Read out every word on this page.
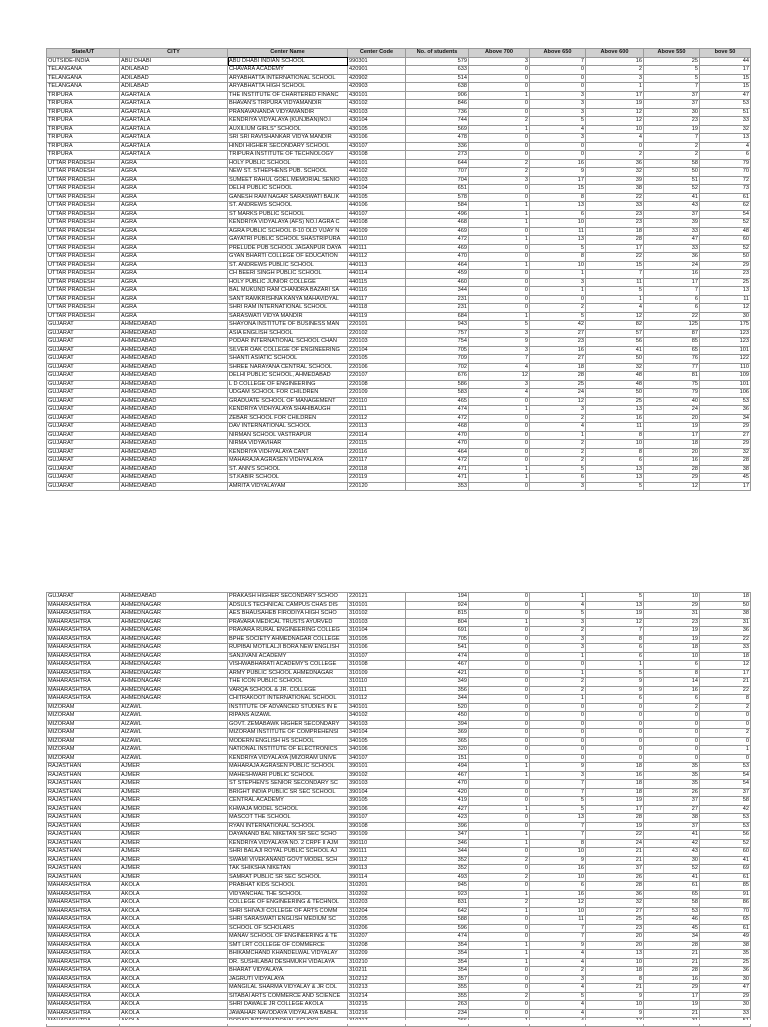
State/UT	CITY	Center Name	Center Code	No. of students	Above 700	Above 650	Above 600	Above 550	bove 50
OUTSIDE-INDIA	ABU DHABI	ABU DHABI INDIAN SCHOOL	990301	579	3	7	16	25	44
TELANGANA	ADILABAD	CHAVARA ACADEMY	420901	633	0	0	2	5	17
TELANGANA	ADILABAD	ARYABHATTA INTERNATIONAL SCHOOL	420902	514	0	0	3	5	15
TELANGANA	ADILABAD	ARYABHATTA HIGH SCHOOL	420903	638	0	0	1	7	15
TRIPURA	AGARTALA	THE INSTITUTE OF CHARTERED FINANC	430101	906	1	3	17	37	47
TRIPURA	AGARTALA	BHAVAN'S TRIPURA VIDYAMANDIR	430102	846	0	3	19	37	53
TRIPURA	AGARTALA	PRANAVANANDA VIDYAMANDIR	430103	736	0	3	12	30	51
TRIPURA	AGARTALA	KENDRIYA VIDYALAYA (KUNJBAN)NO.I	430104	744	2	5	12	23	33
TRIPURA	AGARTALA	AUXILIUM GIRLS" SCHOOL	430105	569	1	4	10	19	32
TRIPURA	AGARTALA	SRI SRI RAVISHANKAR VIDYA MANDIR	430106	478	0	3	4	7	13
TRIPURA	AGARTALA	HINDI HIGHER SECONDARY SCHOOL	430107	336	0	0	0	2	4
TRIPURA	AGARTALA	TRIPURA INSTITUTE OF TECHNOLOGY	430108	273	0	0	2	2	6
UTTAR PRADESH	AGRA	HOLY PUBLIC SCHOOL	440101	644	2	16	36	58	79
UTTAR PRADESH	AGRA	NEW ST. STHEPHENS PUB. SCHOOL	440102	707	2	9	32	50	70
UTTAR PRADESH	AGRA	SUMEET RAHUL GOEL MEMORIAL SENIO	440103	704	3	17	39	51	72
UTTAR PRADESH	AGRA	DELHI PUBLIC SCHOOL	440104	651	0	15	38	52	73
UTTAR PRADESH	AGRA	GANESH RAM NAGAR SARASWATI BALIK	440105	578	0	8	22	41	61
UTTAR PRADESH	AGRA	ST. ANDREWS SCHOOL	440106	584	1	13	33	43	62
UTTAR PRADESH	AGRA	ST MARKS PUBLIC SCHOOL	440107	496	1	6	23	37	54
UTTAR PRADESH	AGRA	KENDRIYA VIDYALAYA (AFS) NO.I AGRA C	440108	468	1	10	23	39	52
UTTAR PRADESH	AGRA	AGRA PUBLIC SCHOOL 8-10 OLD VIJAY N	440109	469	0	11	18	33	48
UTTAR PRADESH	AGRA	GAYATRI PUBLIC SCHOOL SHASTRIPURA	440110	472	1	13	28	47	60
UTTAR PRADESH	AGRA	PRELUDE PUB SCHOOL JAGANPUR DAYA	440111	469	0	5	17	33	52
UTTAR PRADESH	AGRA	GYAN BHARTI COLLEGE OF EDUCATION	440112	470	0	8	22	36	50
UTTAR PRADESH	AGRA	ST. ANDREWS PUBLIC SCHOOL	440113	464	1	10	15	24	29
UTTAR PRADESH	AGRA	CH BEERI SINGH PUBLIC SCHOOL	440114	459	0	1	7	16	23
UTTAR PRADESH	AGRA	HOLY PUBLIC JUNIOR COLLEGE	440115	460	0	3	11	17	25
UTTAR PRADESH	AGRA	BAL MUKUND RAM CHANDRA BAZARI SA	440116	344	0	1	5	7	13
UTTAR PRADESH	AGRA	SANT RAMKRISHNA KANYA MAHAVIDYAL	440117	231	0	0	1	6	11
UTTAR PRADESH	AGRA	SHRI RAM INTERNATIONAL SCHOOL	440118	231	0	2	4	6	12
UTTAR PRADESH	AGRA	SARASWATI VIDYA MANDIR	440119	684	1	5	12	22	30
GUJARAT	AHMEDABAD	SHAYONA INSTITUTE OF BUSINESS MAN	220101	943	5	42	82	125	175
GUJARAT	AHMEDABAD	ASIA ENGLISH SCHOOL	220102	757	3	27	57	87	123
GUJARAT	AHMEDABAD	PODAR INTERNATIONAL SCHOOL CHAN	220103	754	9	23	56	85	123
GUJARAT	AHMEDABAD	SILVER OAK COLLEGE OF ENGINEERING	220104	705	3	16	41	65	101
GUJARAT	AHMEDABAD	SHANTI ASIATIC SCHOOL	220105	709	7	27	50	76	122
GUJARAT	AHMEDABAD	SHREE NARAYANA CENTRAL SCHOOL	220106	702	4	18	32	77	110
GUJARAT	AHMEDABAD	DELHI PUBLIC SCHOOL, AHMEDABAD	220107	676	12	28	48	81	109
GUJARAT	AHMEDABAD	L D COLLEGE OF ENGINEERING	220108	586	3	25	48	75	101
GUJARAT	AHMEDABAD	UDGAM SCHOOL FOR CHILDREN	220109	583	4	24	50	79	106
GUJARAT	AHMEDABAD	GRADUATE SCHOOL OF MANAGEMENT	220110	465	0	12	25	40	53
GUJARAT	AHMEDABAD	KENDRIYA VIDHYALAYA SHAHIBAUGH	220111	474	1	3	13	24	36
GUJARAT	AHMEDABAD	ZEBAR SCHOOL FOR CHILDREN	220112	472	0	2	16	20	34
GUJARAT	AHMEDABAD	DAV INTERNATIONAL SCHOOL	220113	468	0	4	11	19	29
GUJARAT	AHMEDABAD	NIRMAN SCHOOL VASTRAPUR	220114	470	0	1	8	17	27
GUJARAT	AHMEDABAD	NIRMA VIDYAVIHAR	220115	470	0	2	10	18	29
GUJARAT	AHMEDABAD	KENDRIYA VIDHYALAYA CANT	220116	464	0	2	8	20	32
GUJARAT	AHMEDABAD	MAHARAJA AGRASEN VIDHYALAYA	220117	472	0	2	6	16	28
GUJARAT	AHMEDABAD	ST. ANN'S SCHOOL	220118	471	1	5	13	28	38
GUJARAT	AHMEDABAD	ST.KABIR SCHOOL	220119	471	1	6	13	29	45
GUJARAT	AHMEDABAD	AMRITA VIDYALAYAM	220120	353	0	3	5	12	17
GUJARAT	AHMEDABAD	PRAKASH HIGHER SECONDARY SCHOO	220121	194	0	1	5	10	18
MAHARASHTRA	AHMEDNAGAR	ADSULS TECHNICAL CAMPUS CHAS DIS	310101	924	0	4	13	29	50
MAHARASHTRA	AHMEDNAGAR	AES BHAUSAHEB FIRODIYA HIGH SCHO	310102	815	0	5	19	31	38
MAHARASHTRA	AHMEDNAGAR	PRAVARA MEDICAL TRUSTS AYURVED	310103	804	1	3	12	23	31
MAHARASHTRA	AHMEDNAGAR	PRAVARA RURAL ENGINEERING COLLEG	310104	691	0	2	7	19	36
MAHARASHTRA	AHMEDNAGAR	BPHE SOCIETY AHMEDNAGAR COLLEGE	310105	705	0	3	8	19	22
MAHARASHTRA	AHMEDNAGAR	RUPIBAI MOTILALJI BORA NEW ENGLISH	310106	541	0	3	6	18	33
MAHARASHTRA	AHMEDNAGAR	SANJIVANI ACADEMY	310107	474	0	1	6	10	18
MAHARASHTRA	AHMEDNAGAR	VISHWABHARATI ACADEMY'S COLLEGE	310108	467	0	0	1	6	12
MAHARASHTRA	AHMEDNAGAR	ARMY PUBLIC SCHOOL AHMEDNAGAR	310109	421	0	1	5	8	17
MAHARASHTRA	AHMEDNAGAR	THE ICON PUBLIC SCHOOL	310110	349	0	2	9	14	21
MAHARASHTRA	AHMEDNAGAR	VARQA SCHOOL & JR. COLLEGE	310111	356	0	2	9	16	22
MAHARASHTRA	AHMEDNAGAR	CHITRAKOOT INTERNATIONAL SCHOOL	310112	344	0	1	6	6	8
MIZORAM	AIZAWL	INSTITUTE OF ADVANCED STUDIES IN E	340101	520	0	0	0	2	2
MIZORAM	AIZAWL	RIPANS AIZAWL	340102	450	0	0	0	0	0
MIZORAM	AIZAWL	GOVT. ZEMABAWK HIGHER SECONDARY	340103	394	0	0	0	0	0
MIZORAM	AIZAWL	MIZORAM INSTITUTE OF COMPREHENSI	340104	369	0	0	0	0	2
MIZORAM	AIZAWL	MODERN ENGLISH HS SCHOOL	340105	365	0	0	0	0	0
MIZORAM	AIZAWL	NATIONAL INSTITUTE OF ELECTRONICS	340106	320	0	0	0	0	1
MIZORAM	AIZAWL	KENDRIYA VIDYALAYA (MIZORAM UNIVE	340107	151	0	0	0	0	0
RAJASTHAN	AJMER	MAHARAJA AGRASEN PUBLIC SCHOOL	390101	494	1	9	18	35	53
RAJASTHAN	AJMER	MAHESHWARI PUBLIC SCHOOL	390102	467	1	3	16	35	54
RAJASTHAN	AJMER	ST STEPHEN'S SENIOR SECONDARY SC	390103	470	0	7	18	35	54
RAJASTHAN	AJMER	BRIGHT INDIA PUBLIC SR SEC SCHOOL	390104	420	0	7	18	26	37
RAJASTHAN	AJMER	CENTRAL ACADEMY	390105	419	0	5	19	37	58
RAJASTHAN	AJMER	KHWAJA MODEL SCHOOL	390106	427	1	5	17	27	42
RAJASTHAN	AJMER	MASCOT THE SCHOOL	390107	423	0	13	28	38	53
RAJASTHAN	AJMER	RYAN INTERNATIONAL SCHOOL	390108	396	0	7	19	37	53
RAJASTHAN	AJMER	DAYANAND BAL NIKETAN SR SEC SCHO	390109	347	1	7	22	41	56
RAJASTHAN	AJMER	KENDRIYA VIDYALAYA NO. 2 CRPF II AJM	390110	346	1	8	24	42	52
RAJASTHAN	AJMER	SHRI BALAJI ROYAL PUBLIC SCHOOL AJ	390111	344	0	10	21	43	60
RAJASTHAN	AJMER	SWAMI VIVEKANAND GOVT MODEL SCH	390112	352	2	9	21	30	41
RAJASTHAN	AJMER	TAK SHIKSHA NIKETAN	390113	352	0	16	37	52	69
RAJASTHAN	AJMER	SAMRAT PUBLIC SR SEC SCHOOL	390114	493	2	10	26	41	61
MAHARASHTRA	AKOLA	PRABHAT KIDS SCHOOL	310201	945	0	6	28	61	85
MAHARASHTRA	AKOLA	VIDYANCHAL THE SCHOOL	310202	923	1	16	36	65	91
MAHARASHTRA	AKOLA	COLLEGE OF ENGINEERING & TECHNOL	310203	831	2	12	32	58	86
MAHARASHTRA	AKOLA	SHRI SHIVAJI COLLEGE OF ARTS COMM	310204	642	1	10	27	53	70
MAHARASHTRA	AKOLA	SHRI SARASWATI ENGLISH MEDIUM SC	310205	588	0	11	25	46	65
MAHARASHTRA	AKOLA	SCHOOL OF SCHOLARS	310206	596	0	7	23	45	61
MAHARASHTRA	AKOLA	MANAV SCHOOL OF ENGINEERING & TE	310207	474	0	7	20	34	49
MAHARASHTRA	AKOLA	SMT LRT COLLEGE OF COMMERCE	310208	354	1	9	20	28	38
MAHARASHTRA	AKOLA	BHIKAMCHAND KHANDELWAL VIDYALAY	310209	354	1	4	13	21	35
MAHARASHTRA	AKOLA	DR. SUSHILABAI DESHMUKH VIDALAYA	310210	354	1	4	10	21	25
MAHARASHTRA	AKOLA	BHARAT VIDYALAYA	310211	354	0	2	18	28	36
MAHARASHTRA	AKOLA	JAGRUTI VIDYALAYA	310212	357	0	3	8	16	30
MAHARASHTRA	AKOLA	MANGILAL SHARMA VIDYALAY & JR COL	310213	355	0	4	21	29	47
MAHARASHTRA	AKOLA	SITABAI ARTS COMMERCE AND SCIENCE	310214	355	2	5	9	17	29
MAHARASHTRA	AKOLA	SHRI DAWALE JR COLLEGE AKOLA	310215	263	0	4	10	19	30
MAHARASHTRA	AKOLA	JAWAHAR NAVODAYA VIDYALAYA BABHL	310216	234	0	4	9	21	33
